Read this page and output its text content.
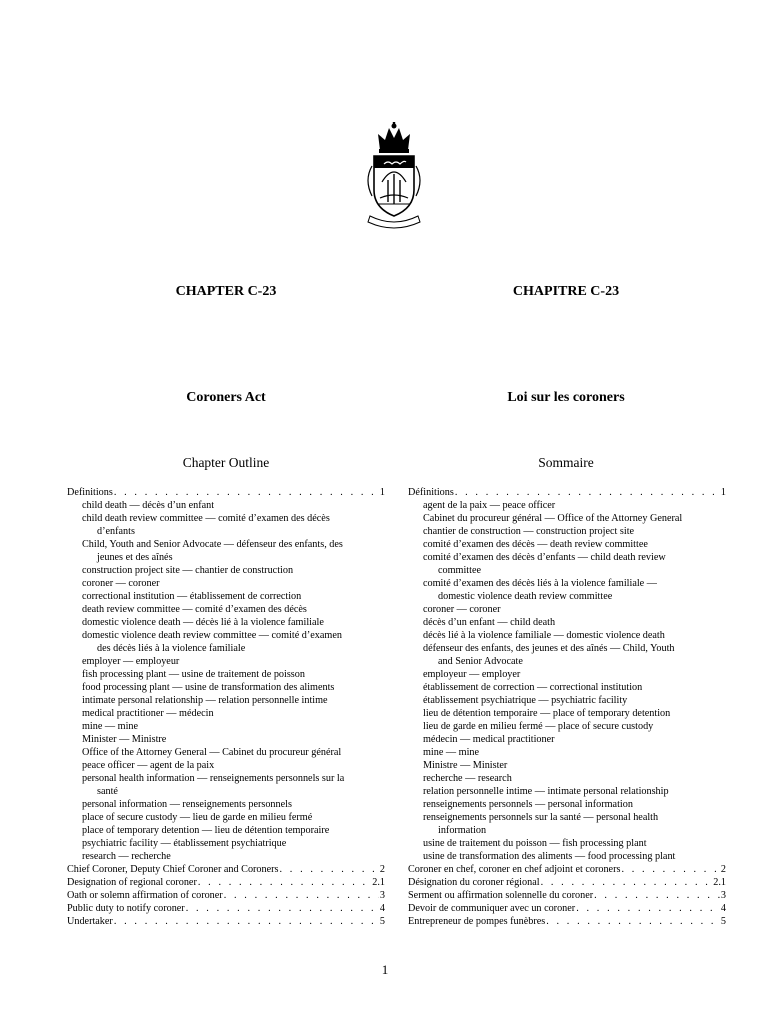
CHAPTER C-23	CHAPITRE C-23
Coroners Act	Loi sur les coroners
Chapter Outline	Sommaire
Definitions . . .	1
child death — décès d’un enfant
child death review committee — comité d’examen des décès
d’enfants
Child, Youth and Senior Advocate — défenseur des enfants, des
jeunes et des aînés
construction project site — chantier de construction
coroner — coroner
correctional institution — établissement de correction
death review committee — comité d’examen des décès
domestic violence death — décès lié à la violence familiale
domestic violence death review committee — comité d’examen
des décès liés à la violence familiale
employer — employeur
fish processing plant — usine de traitement de poisson
food processing plant — usine de transformation des aliments
intimate personal relationship — relation personnelle intime
medical practitioner — médecin
mine — mine
Minister — Ministre
Office of the Attorney General — Cabinet du procureur général
peace officer — agent de la paix
personal health information — renseignements personnels sur la
santé
personal information — renseignements personnels
place of secure custody — lieu de garde en milieu fermé
place of temporary detention — lieu de détention temporaire
psychiatric facility — établissement psychiatrique
research — recherche
Chief Coroner, Deputy Chief Coroner and Coroners . . .	2
Designation of regional coroner . . .	2.1
Oath or solemn affirmation of coroner . . .	3
Public duty to notify coroner . . .	4
Undertaker . . .	5
Définitions . . .	1
agent de la paix — peace officer
Cabinet du procureur général — Office of the Attorney General
chantier de construction — construction project site
comité d’examen des décès — death review committee
comité d’examen des décès d’enfants — child death review
committee
comité d’examen des décès liés à la violence familiale —
domestic violence death review committee
coroner — coroner
décès d’un enfant — child death
décès lié à la violence familiale — domestic violence death
défenseur des enfants, des jeunes et des aînés — Child, Youth
and Senior Advocate
employeur — employer
établissement de correction — correctional institution
établissement psychiatrique — psychiatric facility
lieu de détention temporaire — place of temporary detention
lieu de garde en milieu fermé — place of secure custody
médecin — medical practitioner
mine — mine
Ministre — Minister
recherche — research
relation personnelle intime — intimate personal relationship
renseignements personnels — personal information
renseignements personnels sur la santé — personal health
information
usine de traitement du poisson — fish processing plant
usine de transformation des aliments — food processing plant
Coroner en chef, coroner en chef adjoint et coroners . . .	2
Désignation du coroner régional . . .	2.1
Serment ou affirmation solennelle du coroner . . .	3
Devoir de communiquer avec un coroner . . .	4
Entrepreneur de pompes funèbres . . .	5
1
